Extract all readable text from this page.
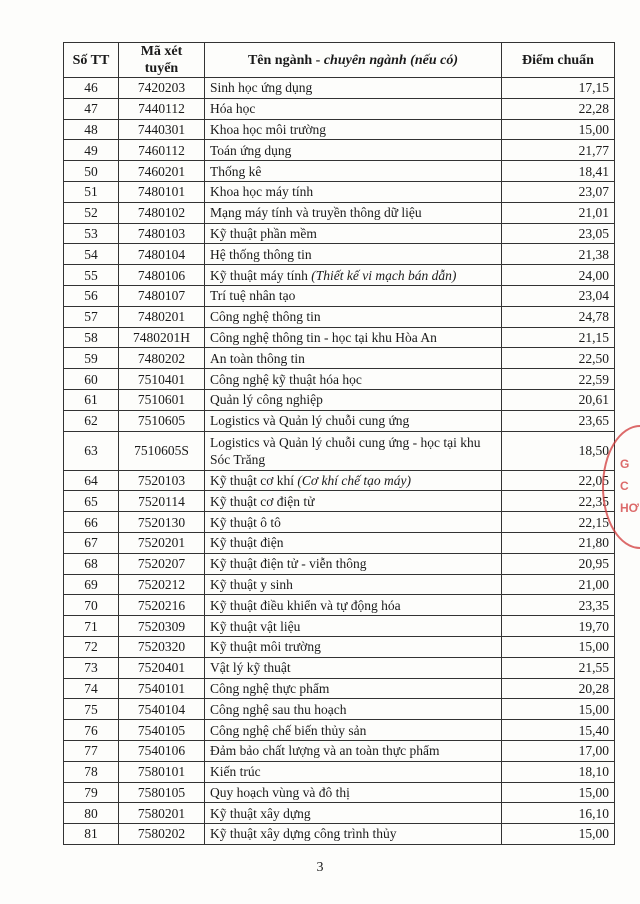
Số TT	Mã xét tuyển	Tên ngành - chuyên ngành (nếu có)	Điểm chuẩn
46	7420203	Sinh học ứng dụng	17,15
47	7440112	Hóa học	22,28
48	7440301	Khoa học môi trường	15,00
49	7460112	Toán ứng dụng	21,77
50	7460201	Thống kê	18,41
51	7480101	Khoa học máy tính	23,07
52	7480102	Mạng máy tính và truyền thông dữ liệu	21,01
53	7480103	Kỹ thuật phần mềm	23,05
54	7480104	Hệ thống thông tin	21,38
55	7480106	Kỹ thuật máy tính (Thiết kế vi mạch bán dẫn)	24,00
56	7480107	Trí tuệ nhân tạo	23,04
57	7480201	Công nghệ thông tin	24,78
58	7480201H	Công nghệ thông tin - học tại khu Hòa An	21,15
59	7480202	An toàn thông tin	22,50
60	7510401	Công nghệ kỹ thuật hóa học	22,59
61	7510601	Quản lý công nghiệp	20,61
62	7510605	Logistics và Quản lý chuỗi cung ứng	23,65
63	7510605S	Logistics và Quản lý chuỗi cung ứng - học tại khu Sóc Trăng	18,50
64	7520103	Kỹ thuật cơ khí (Cơ khí chế tạo máy)	22,05
65	7520114	Kỹ thuật cơ điện tử	22,35
66	7520130	Kỹ thuật ô tô	22,15
67	7520201	Kỹ thuật điện	21,80
68	7520207	Kỹ thuật điện tử - viễn thông	20,95
69	7520212	Kỹ thuật y sinh	21,00
70	7520216	Kỹ thuật điều khiển và tự động hóa	23,35
71	7520309	Kỹ thuật vật liệu	19,70
72	7520320	Kỹ thuật môi trường	15,00
73	7520401	Vật lý kỹ thuật	21,55
74	7540101	Công nghệ thực phẩm	20,28
75	7540104	Công nghệ sau thu hoạch	15,00
76	7540105	Công nghệ chế biến thủy sản	15,40
77	7540106	Đảm bảo chất lượng và an toàn thực phẩm	17,00
78	7580101	Kiến trúc	18,10
79	7580105	Quy hoạch vùng và đô thị	15,00
80	7580201	Kỹ thuật xây dựng	16,10
81	7580202	Kỹ thuật xây dựng công trình thủy	15,00
G
C
HƠ
3
